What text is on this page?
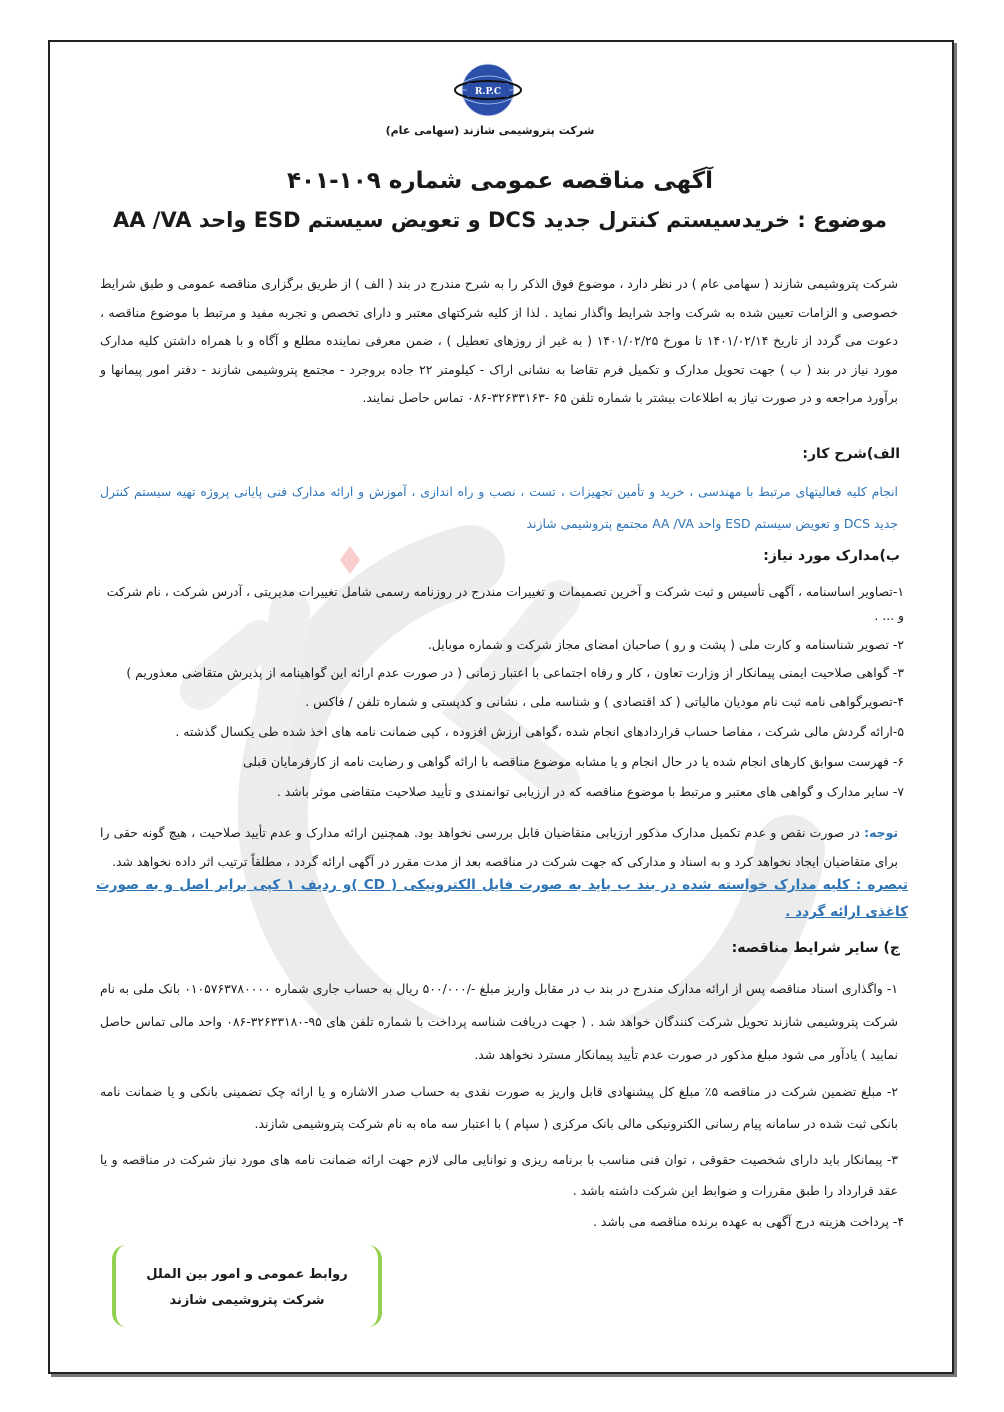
R.P.C
شرکت پتروشیمی شازند (سهامی عام)
آگهی مناقصه عمومی شماره ۱۰۹-۴۰۱
موضوع : خریدسیستم کنترل جدید DCS و تعویض سیستم ESD واحد AA /VA
شرکت پتروشیمی شازند ( سهامی عام ) در نظر دارد ، موضوع فوق الذکر را به شرح مندرج در بند ( الف ) از طریق برگزاری مناقصه عمومی و طبق شرایط خصوصی و الزامات تعیین شده به شرکت واجد شرایط واگذار نماید . لذا از کلیه شرکتهای معتبر و دارای تخصص و تجربه مفید و مرتبط با موضوع مناقصه ، دعوت می گردد از تاریخ ۱۴۰۱/۰۲/۱۴ تا مورخ ۱۴۰۱/۰۲/۲۵ ( به غیر از روزهای تعطیل ) ، ضمن معرفی نماینده مطلع و آگاه و با همراه داشتن کلیه مدارک مورد نیاز در بند ( ب ) جهت تحویل مدارک و تکمیل فرم تقاضا به نشانی اراک - کیلومتر ۲۲ جاده بروجرد - مجتمع پتروشیمی شازند - دفتر امور پیمانها و برآورد مراجعه و در صورت نیاز به اطلاعات بیشتر با شماره تلفن ۶۵ -۳۲۶۳۳۱۶۳-۰۸۶ تماس حاصل نمایند.
الف)شرح کار:
انجام کلیه فعالیتهای مرتبط با مهندسی ، خرید و تأمین تجهیزات ، تست ، نصب و راه اندازی ، آموزش و ارائه مدارک فنی پایانی پروژه تهیه سیستم کنترل جدید DCS و تعویض سیستم ESD واحد AA /VA مجتمع پتروشیمی شازند
ب)مدارک مورد نیاز:
۱-تصاویر اساسنامه ، آگهی تأسیس و ثبت شرکت و آخرین تصمیمات و تغییرات مندرج در روزنامه رسمی شامل تغییرات مدیریتی ، آدرس شرکت ، نام شرکت و ... .
۲- تصویر شناسنامه و کارت ملی ( پشت و رو ) صاحبان امضای مجاز شرکت و شماره موبایل.
۳- گواهی صلاحیت ایمنی پیمانکار از وزارت تعاون ، کار و رفاه اجتماعی با اعتبار زمانی ( در صورت عدم ارائه این گواهینامه از پذیرش متقاضی معذوریم )
۴-تصویرگواهی نامه ثبت نام مودیان مالیاتی ( کد اقتصادی ) و شناسه ملی ، نشانی و کدپستی و شماره تلفن / فاکس .
۵-ارائه گردش مالی شرکت ، مفاصا حساب قراردادهای انجام شده ،گواهی ارزش افزوده ، کپی ضمانت نامه های اخذ شده طی یکسال گذشته .
۶- فهرست سوابق کارهای انجام شده یا در حال انجام و یا مشابه موضوع مناقصه با ارائه گواهی و رضایت نامه از کارفرمایان قبلی
۷- سایر مدارک و گواهی های معتبر و مرتبط با موضوع مناقصه که در ارزیابی توانمندی و تأیید صلاحیت متقاضی موثر باشد .
توجه: در صورت نقص و عدم تکمیل مدارک مذکور ارزیابی متقاضیان قابل بررسی نخواهد بود. همچنین ارائه مدارک و عدم تأیید صلاحیت ، هیچ گونه حقی را برای متقاضیان ایجاد نخواهد کرد و به اسناد و مدارکی که جهت شرکت در مناقصه بعد از مدت مقرر در آگهی ارائه گردد ، مطلقاً ترتیب اثر داده نخواهد شد.
تبصره : کلیه مدارک خواسته شده در بند ب باید به صورت فایل الکترونیکی ( CD )و ردیف ۱ کپی برابر اصل و به صورت کاغذی ارائه گردد .
ج) سایر شرایط مناقصه:
۱- واگذاری اسناد مناقصه پس از ارائه مدارک مندرج در بند ب در مقابل واریز مبلغ -/۵۰۰/۰۰۰ ریال به حساب جاری شماره ۰۱۰۵۷۶۳۷۸۰۰۰۰ بانک ملی به نام شرکت پتروشیمی شازند تحویل شرکت کنندگان خواهد شد . ( جهت دریافت شناسه پرداخت با شماره تلفن های ۹۵-۳۲۶۳۳۱۸۰-۰۸۶ واحد مالی تماس حاصل نمایید ) یادآور می شود مبلغ مذکور در صورت عدم تأیید پیمانکار مسترد نخواهد شد.
۲- مبلغ تضمین شرکت در مناقصه ۵٪ مبلغ کل پیشنهادی قابل واریز به صورت نقدی به حساب صدر الاشاره و یا ارائه چک تضمینی بانکی و یا ضمانت نامه بانکی ثبت شده در سامانه پیام رسانی الکترونیکی مالی بانک مرکزی ( سپام ) با اعتبار سه ماه به نام شرکت پتروشیمی شازند.
۳- پیمانکار باید دارای شخصیت حقوقی ، توان فنی مناسب با برنامه ریزی و توانایی مالی لازم جهت ارائه ضمانت نامه های مورد نیاز شرکت در مناقصه و یا عقد قرارداد را طبق مقررات و ضوابط این شرکت داشته باشد .
۴- پرداخت هزینه درج آگهی به عهده برنده مناقصه می باشد .
روابط عمومی و امور بین الملل
شرکت پتروشیمی شازند
